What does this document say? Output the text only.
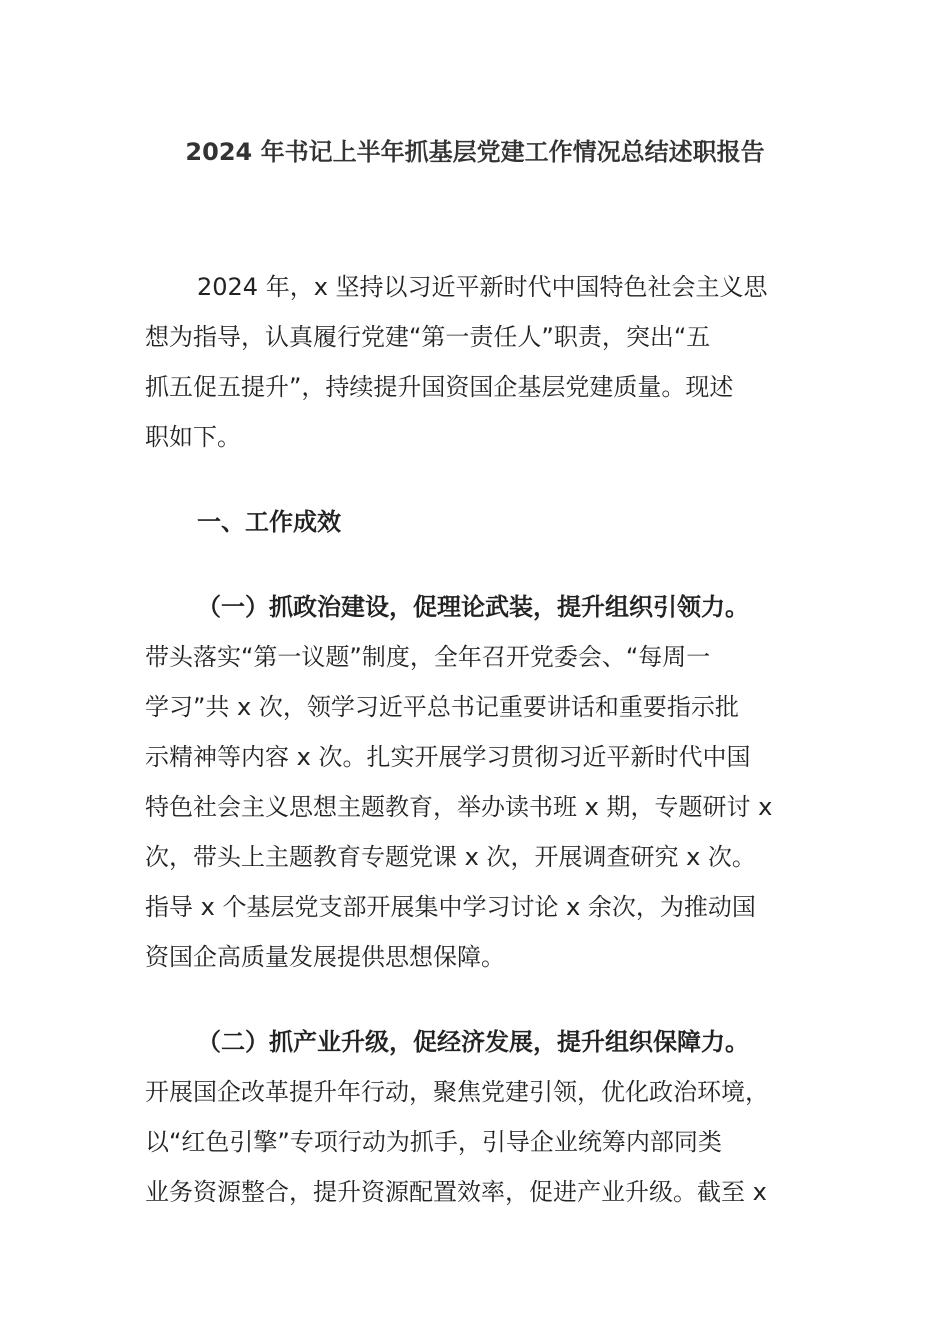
2024 年书记上半年抓基层党建工作情况总结述职报告
2024 年，x 坚持以习近平新时代中国特色社会主义思
想为指导，认真履行党建“第一责任人”职责，突出“五
抓五促五提升”，持续提升国资国企基层党建质量。现述
职如下。
一、工作成效
（一）抓政治建设，促理论武装，提升组织引领力。
带头落实“第一议题”制度，全年召开党委会、“每周一
学习”共 x 次，领学习近平总书记重要讲话和重要指示批
示精神等内容 x 次。扎实开展学习贯彻习近平新时代中国
特色社会主义思想主题教育，举办读书班 x 期，专题研讨 x
次，带头上主题教育专题党课 x 次，开展调查研究 x 次。
指导 x 个基层党支部开展集中学习讨论 x 余次，为推动国
资国企高质量发展提供思想保障。
（二）抓产业升级，促经济发展，提升组织保障力。
开展国企改革提升年行动，聚焦党建引领，优化政治环境，
以“红色引擎”专项行动为抓手，引导企业统筹内部同类
业务资源整合，提升资源配置效率，促进产业升级。截至 x
